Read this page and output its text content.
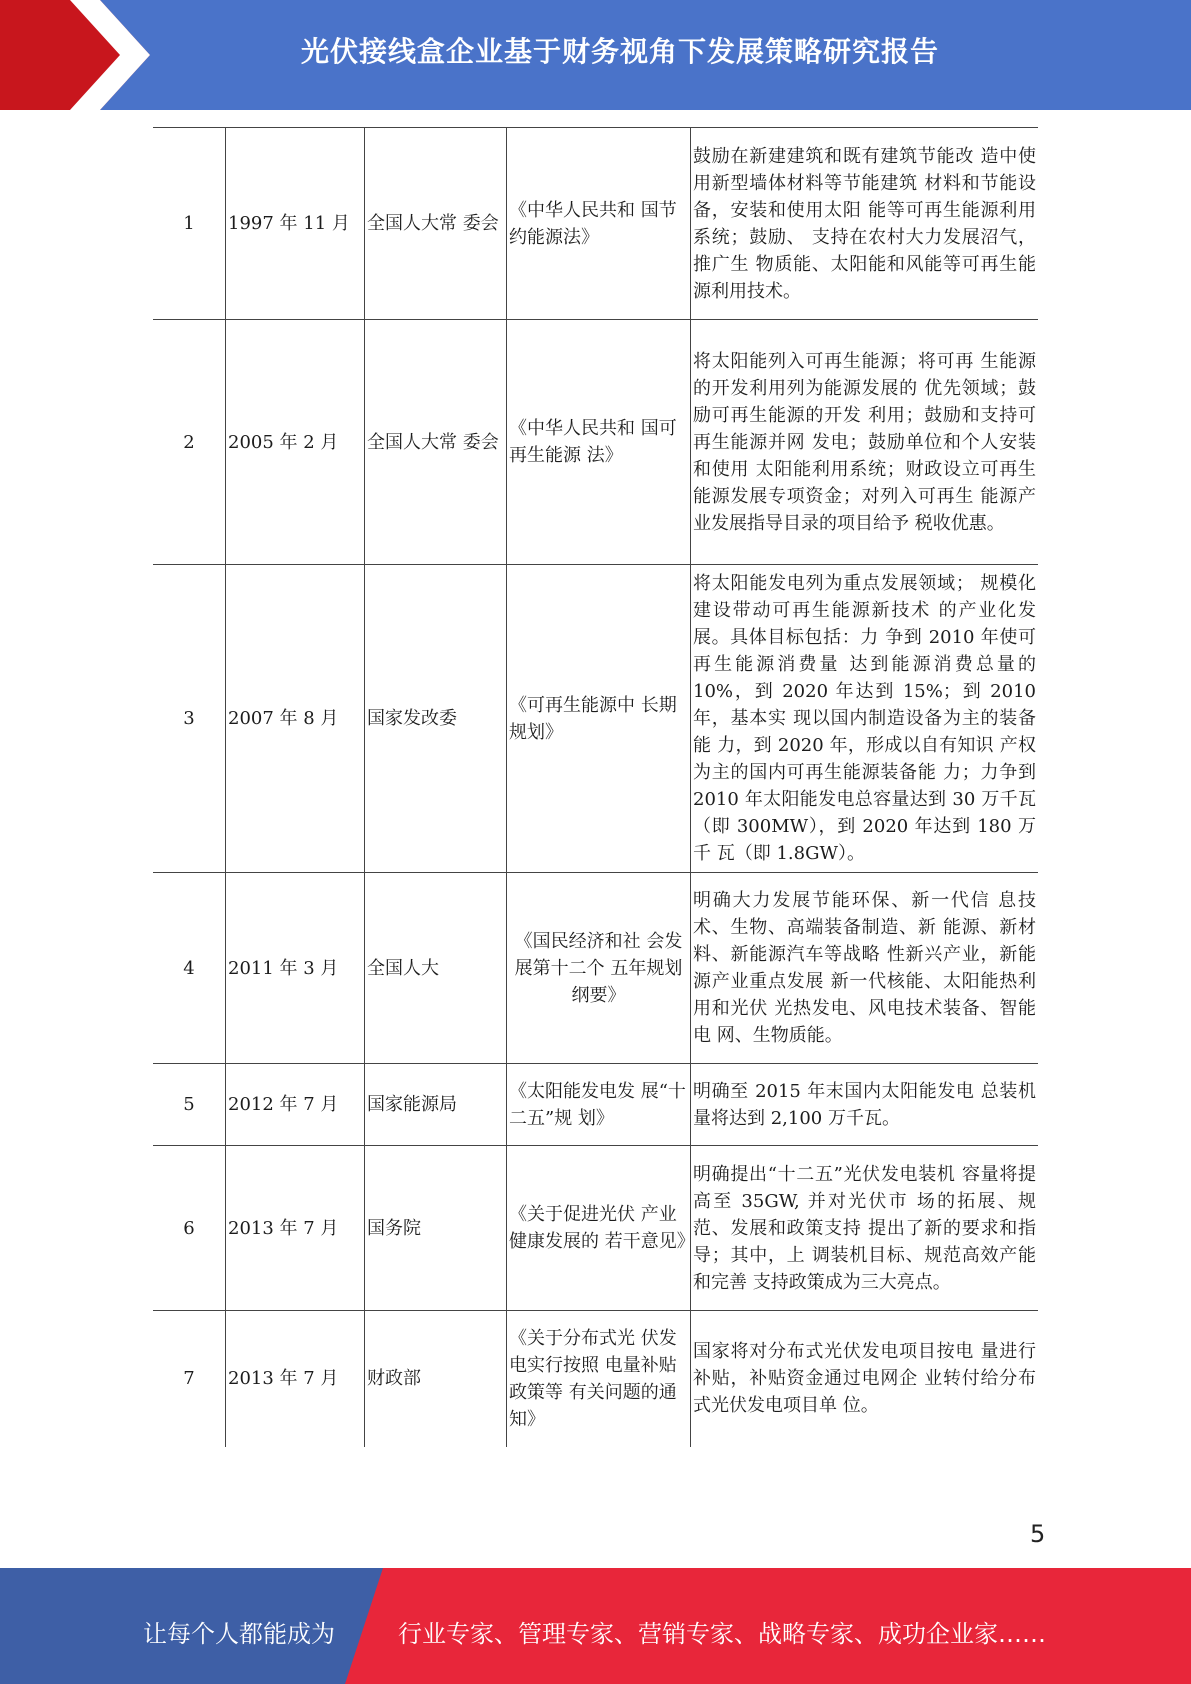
光伏接线盒企业基于财务视角下发展策略研究报告
1	1997 年 11 月	全国人大常 委会	《中华人民共和 国节约能源法》	鼓励在新建建筑和既有建筑节能改 造中使用新型墙体材料等节能建筑 材料和节能设备，安装和使用太阳 能等可再生能源利用系统；鼓励、 支持在农村大力发展沼气，推广生 物质能、太阳能和风能等可再生能 源利用技术。
2	2005 年 2 月	全国人大常 委会	《中华人民共和 国可再生能源 法》	将太阳能列入可再生能源；将可再 生能源的开发利用列为能源发展的 优先领域；鼓励可再生能源的开发 利用；鼓励和支持可再生能源并网 发电；鼓励单位和个人安装和使用 太阳能利用系统；财政设立可再生 能源发展专项资金；对列入可再生 能源产业发展指导目录的项目给予 税收优惠。
3	2007 年 8 月	国家发改委	《可再生能源中 长期规划》	将太阳能发电列为重点发展领域； 规模化建设带动可再生能源新技术 的产业化发展。具体目标包括：力 争到 2010 年使可再生能源消费量 达到能源消费总量的 10%，到 2020 年达到 15%；到 2010 年，基本实 现以国内制造设备为主的装备能 力，到 2020 年，形成以自有知识 产权为主的国内可再生能源装备能 力；力争到 2010 年太阳能发电总容量达到 30 万千瓦（即 300MW），到 2020 年达到 180 万千 瓦（即 1.8GW）。
4	2011 年 3 月	全国人大	《国民经济和社 会发展第十二个 五年规划纲要》	明确大力发展节能环保、新一代信 息技术、生物、高端装备制造、新 能源、新材料、新能源汽车等战略 性新兴产业，新能源产业重点发展 新一代核能、太阳能热利用和光伏 光热发电、风电技术装备、智能电 网、生物质能。
5	2012 年 7 月	国家能源局	《太阳能发电发 展“十二五”规 划》	明确至 2015 年末国内太阳能发电 总装机量将达到 2,100 万千瓦。
6	2013 年 7 月	国务院	《关于促进光伏 产业健康发展的 若干意见》	明确提出“十二五”光伏发电装机 容量将提高至 35GW, 并对光伏市 场的拓展、规范、发展和政策支持 提出了新的要求和指导；其中，上 调装机目标、规范高效产能和完善 支持政策成为三大亮点。
7	2013 年 7 月	财政部	《关于分布式光 伏发电实行按照 电量补贴政策等 有关问题的通 知》	国家将对分布式光伏发电项目按电 量进行补贴，补贴资金通过电网企 业转付给分布式光伏发电项目单 位。
5
让每个人都能成为	行业专家、管理专家、营销专家、战略专家、成功企业家……
